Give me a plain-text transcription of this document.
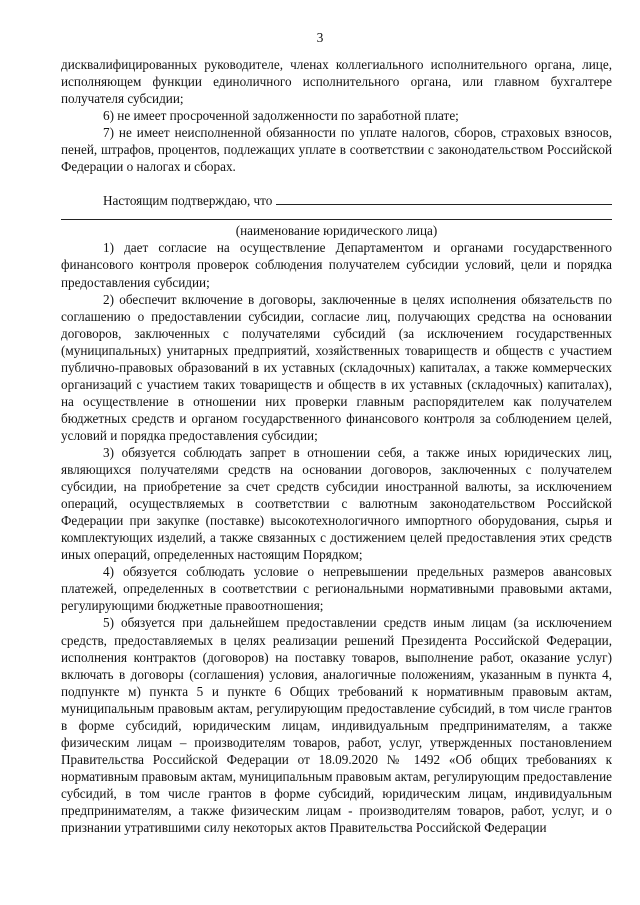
3

дисквалифицированных руководителе, членах коллегиального исполнительного органа, лице, исполняющем функции единоличного исполнительного органа, или главном бухгалтере получателя субсидии;

6) не имеет просроченной задолженности по заработной плате;

7) не имеет неисполненной обязанности по уплате налогов, сборов, страховых взносов, пеней, штрафов, процентов, подлежащих уплате в соответствии с законодательством Российской Федерации о налогах и сборах.

Настоящим подтверждаю, что

(наименование юридического лица)

1) дает согласие на осуществление Департаментом и органами государственного финансового контроля проверок соблюдения получателем субсидии условий, цели и порядка предоставления субсидии;

2) обеспечит включение в договоры, заключенные в целях исполнения обязательств по соглашению о предоставлении субсидии, согласие лиц, получающих средства на основании договоров, заключенных с получателями субсидий (за исключением государственных (муниципальных) унитарных предприятий, хозяйственных товариществ и обществ с участием публично-правовых образований в их уставных (складочных) капиталах, а также коммерческих организаций с участием таких товариществ и обществ в их уставных (складочных) капиталах), на осуществление в отношении них проверки главным распорядителем как получателем бюджетных средств и органом государственного финансового контроля за соблюдением целей, условий и порядка предоставления субсидии;

3) обязуется соблюдать запрет в отношении себя, а также иных юридических лиц, являющихся получателями средств на основании договоров, заключенных с получателем субсидии, на приобретение за счет средств субсидии иностранной валюты, за исключением операций, осуществляемых в соответствии с валютным законодательством Российской Федерации при закупке (поставке) высокотехнологичного импортного оборудования, сырья и комплектующих изделий, а также связанных с достижением целей предоставления этих средств иных операций, определенных настоящим Порядком;

4) обязуется соблюдать условие о непревышении предельных размеров авансовых платежей, определенных в соответствии с региональными нормативными правовыми актами, регулирующими бюджетные правоотношения;

5) обязуется при дальнейшем предоставлении средств иным лицам (за исключением средств, предоставляемых в целях реализации решений Президента Российской Федерации, исполнения контрактов (договоров) на поставку товаров, выполнение работ, оказание услуг) включать в договоры (соглашения) условия, аналогичные положениям, указанным в пункта 4, подпункте м) пункта 5 и пункте 6 Общих требований к нормативным правовым актам, муниципальным правовым актам, регулирующим предоставление субсидий, в том числе грантов в форме субсидий, юридическим лицам, индивидуальным предпринимателям, а также физическим лицам – производителям товаров, работ, услуг, утвержденных постановлением Правительства Российской Федерации от 18.09.2020 № 1492 «Об общих требованиях к нормативным правовым актам, муниципальным правовым актам, регулирующим предоставление субсидий, в том числе грантов в форме субсидий, юридическим лицам, индивидуальным предпринимателям, а также физическим лицам - производителям товаров, работ, услуг, и о признании утратившими силу некоторых актов Правительства Российской Федерации
